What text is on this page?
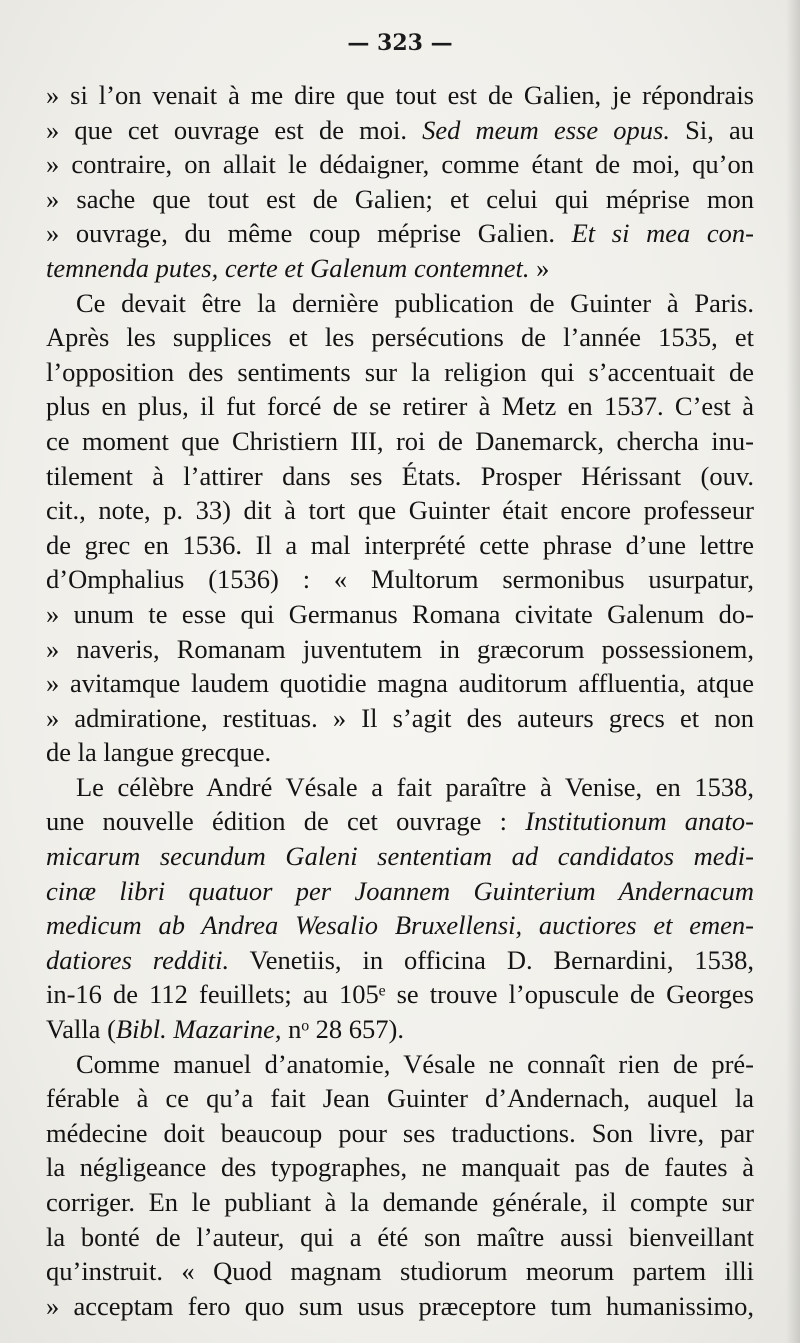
— 323 —
» si l’on venait à me dire que tout est de Galien, je répondrais
» que cet ouvrage est de moi. Sed meum esse opus. Si, au
» contraire, on allait le dédaigner, comme étant de moi, qu’on
» sache que tout est de Galien; et celui qui méprise mon
» ouvrage, du même coup méprise Galien. Et si mea con-
temnenda putes, certe et Galenum contemnet. »
Ce devait être la dernière publication de Guinter à Paris.
Après les supplices et les persécutions de l’année 1535, et
l’opposition des sentiments sur la religion qui s’accentuait de
plus en plus, il fut forcé de se retirer à Metz en 1537. C’est à
ce moment que Christiern III, roi de Danemarck, chercha inu-
tilement à l’attirer dans ses États. Prosper Hérissant (ouv.
cit., note, p. 33) dit à tort que Guinter était encore professeur
de grec en 1536. Il a mal interprété cette phrase d’une lettre
d’Omphalius (1536) : « Multorum sermonibus usurpatur,
» unum te esse qui Germanus Romana civitate Galenum do-
» naveris, Romanam juventutem in græcorum possessionem,
» avitamque laudem quotidie magna auditorum affluentia, atque
» admiratione, restituas. » Il s’agit des auteurs grecs et non
de la langue grecque.
Le célèbre André Vésale a fait paraître à Venise, en 1538,
une nouvelle édition de cet ouvrage : Institutionum anato-
micarum secundum Galeni sententiam ad candidatos medi-
cinæ libri quatuor per Joannem Guinterium Andernacum
medicum ab Andrea Wesalio Bruxellensi, auctiores et emen-
datiores redditi. Venetiis, in officina D. Bernardini, 1538,
in-16 de 112 feuillets; au 105ᵉ se trouve l’opuscule de Georges
Valla (Bibl. Mazarine, nᵒ 28 657).
Comme manuel d’anatomie, Vésale ne connaît rien de pré-
férable à ce qu’a fait Jean Guinter d’Andernach, auquel la
médecine doit beaucoup pour ses traductions. Son livre, par
la négligeance des typographes, ne manquait pas de fautes à
corriger. En le publiant à la demande générale, il compte sur
la bonté de l’auteur, qui a été son maître aussi bienveillant
qu’instruit. « Quod magnam studiorum meorum partem illi
» acceptam fero quo sum usus præceptore tum humanissimo,
